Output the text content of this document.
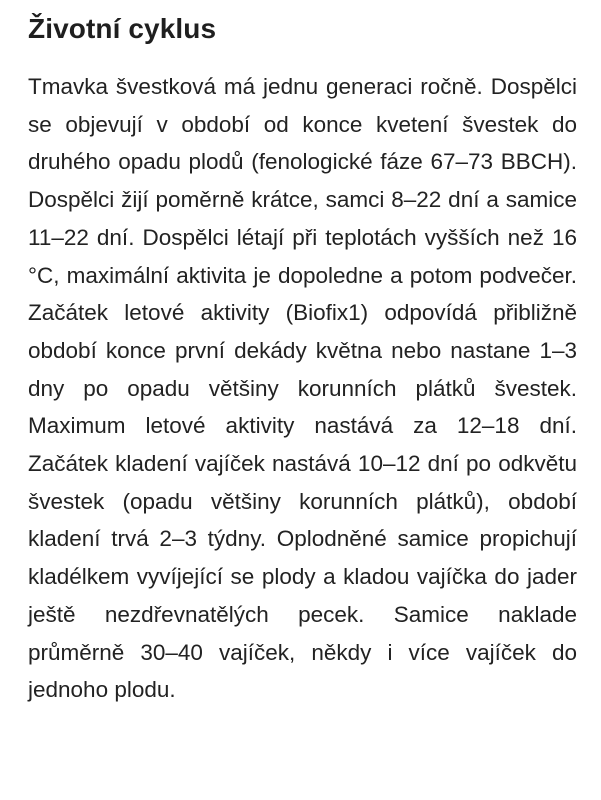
Životní cyklus

Tmavka švestková má jednu generaci ročně. Dospělci se objevují v období od konce kvetení švestek do druhého opadu plodů (fenologické fáze 67–73 BBCH). Dospělci žijí poměrně krátce, samci 8–22 dní a samice 11–22 dní. Dospělci létají při teplotách vyšších než 16 °C, maximální aktivita je dopoledne a potom podvečer. Začátek letové aktivity (Biofix1) odpovídá přibližně období konce první dekády května nebo nastane 1–3 dny po opadu většiny korunních plátků švestek. Maximum letové aktivity nastává za 12–18 dní. Začátek kladení vajíček nastává 10–12 dní po odkvětu švestek (opadu většiny korunních plátků), období kladení trvá 2–3 týdny. Oplodněné samice propichují kladélkem vyvíjející se plody a kladou vajíčka do jader ještě nezdřevnatělých pecek. Samice naklade průměrně 30–40 vajíček, někdy i více vajíček do jednoho plodu.
